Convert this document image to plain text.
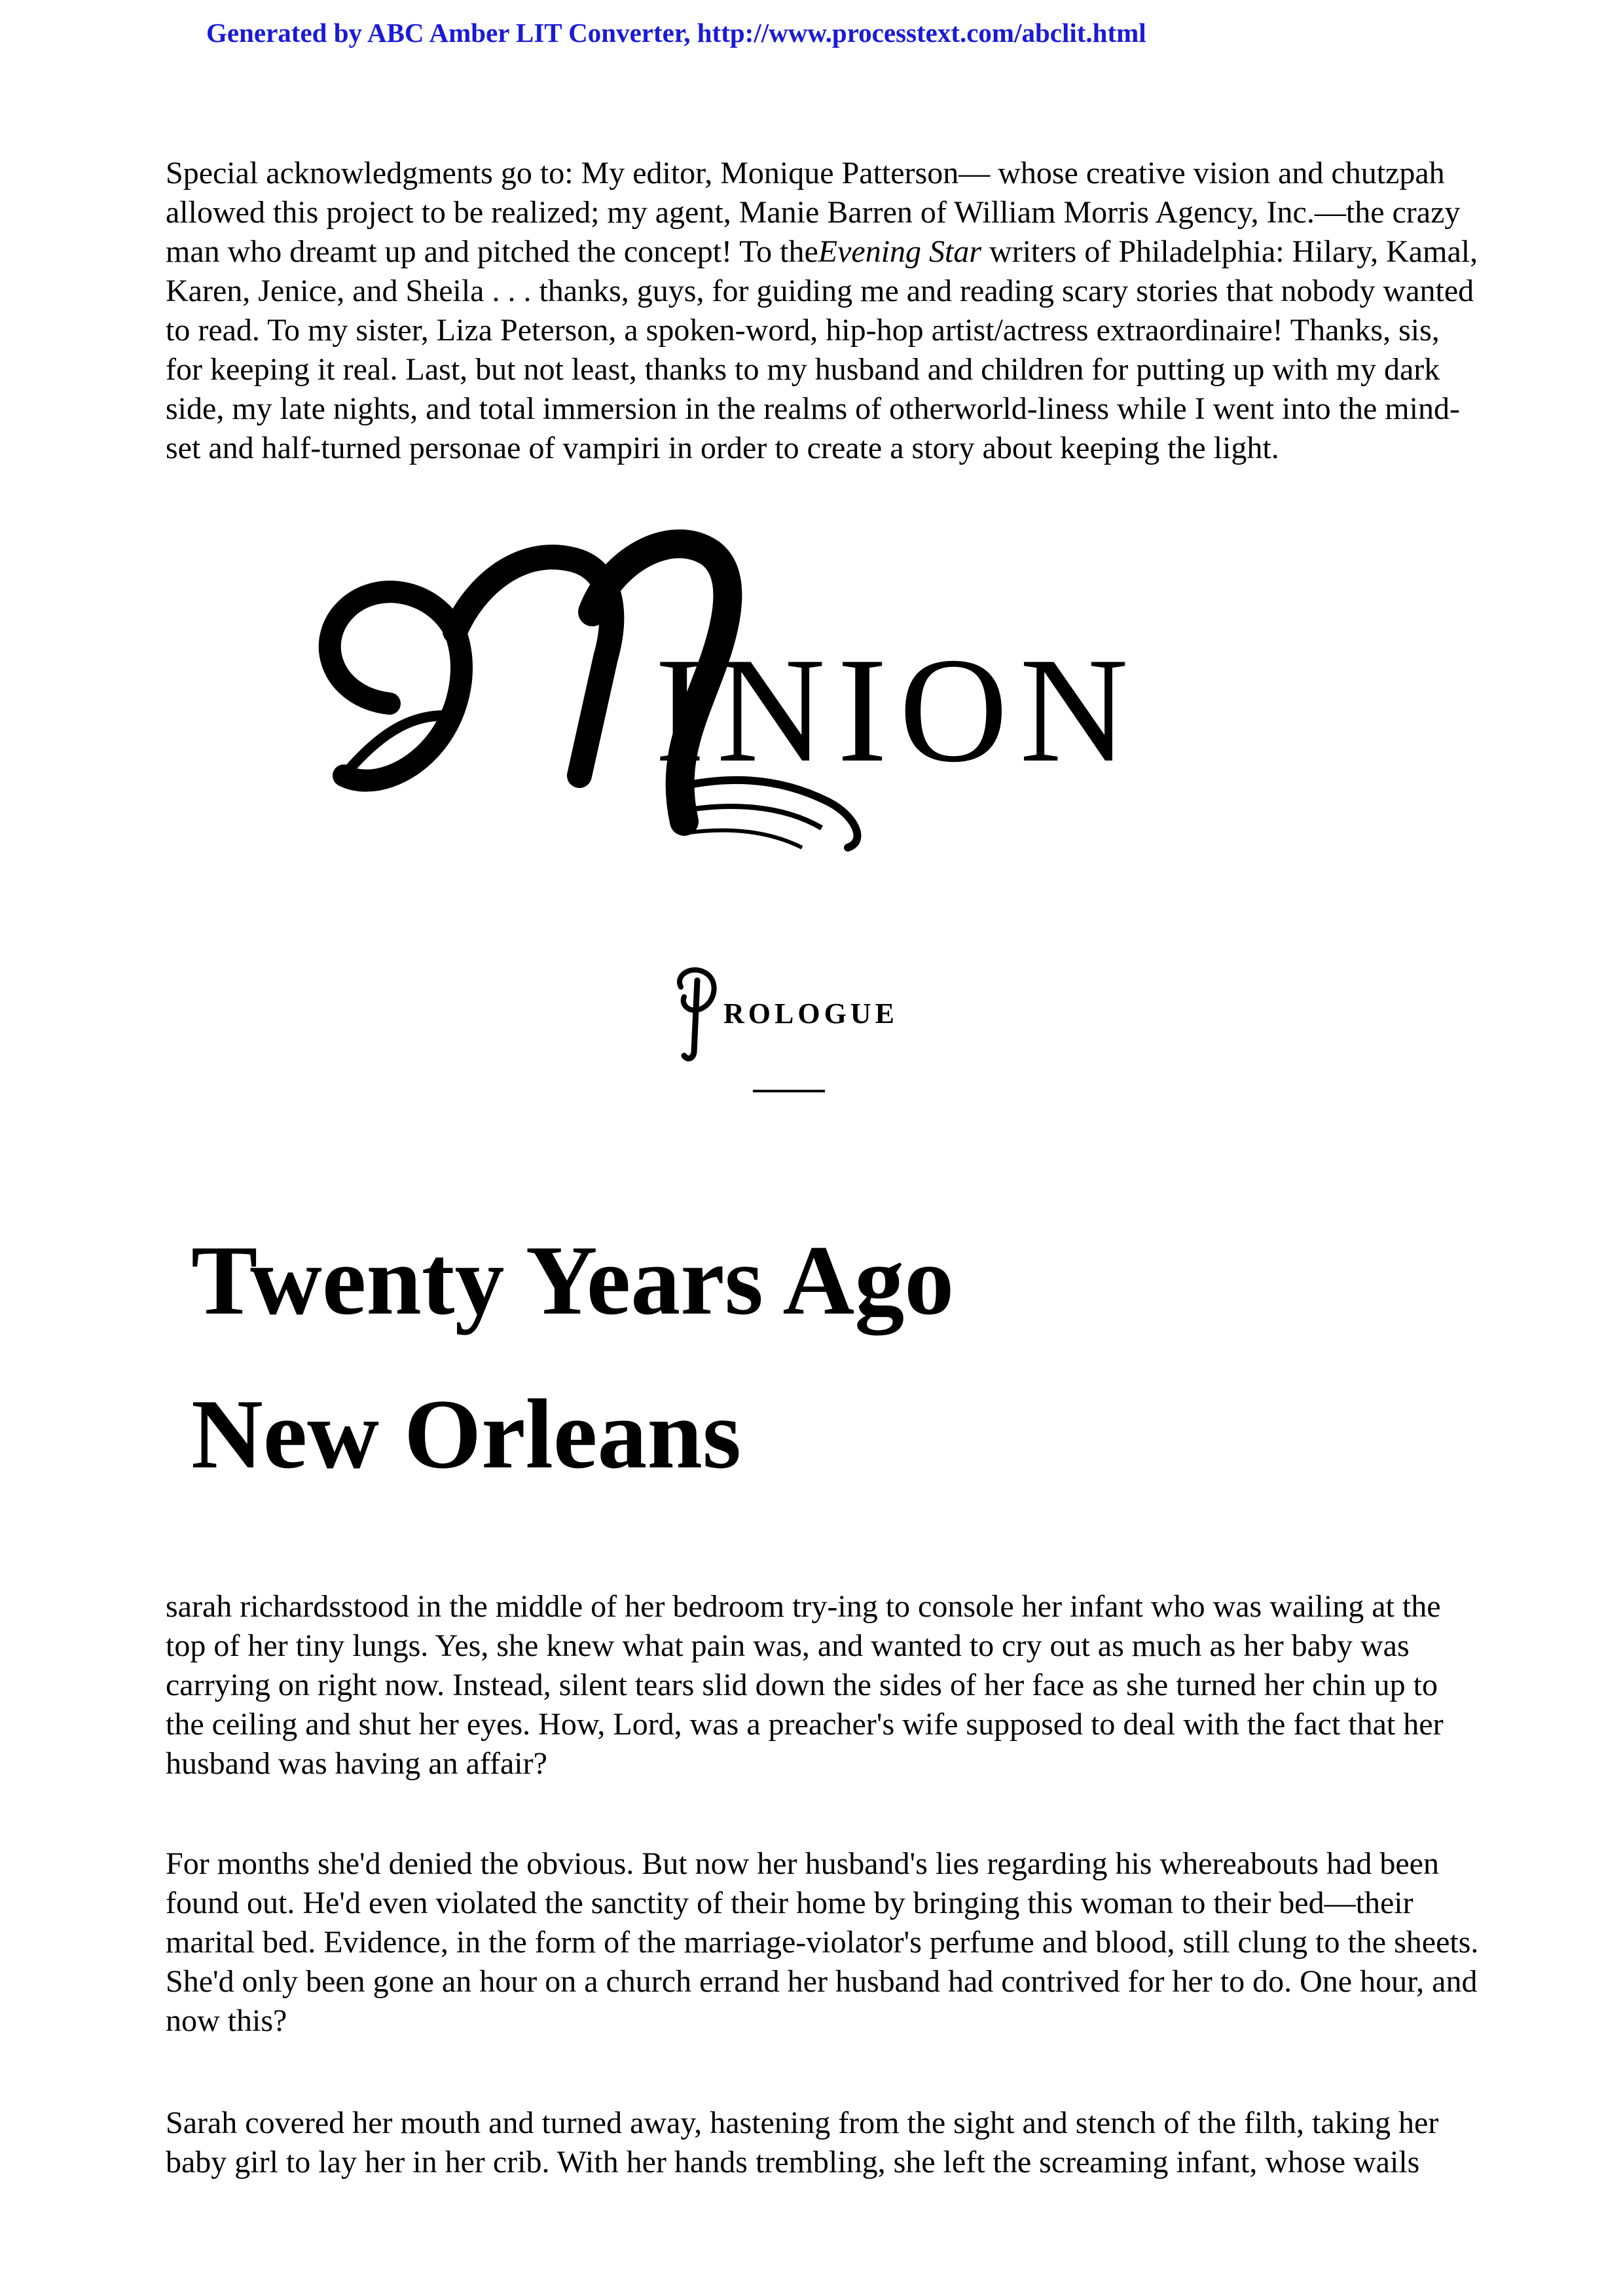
Generated by ABC Amber LIT Converter, http://www.processtext.com/abclit.html

Special acknowledgments go to: My editor, Monique Patterson— whose creative vision and chutzpah allowed this project to be realized; my agent, Manie Barren of William Morris Agency, Inc.—the crazy man who dreamt up and pitched the concept! To theEvening Star writers of Philadelphia: Hilary, Kamal, Karen, Jenice, and Sheila . . . thanks, guys, for guiding me and reading scary stories that nobody wanted to read. To my sister, Liza Peterson, a spoken-word, hip-hop artist/actress extraordinaire! Thanks, sis, for keeping it real. Last, but not least, thanks to my husband and children for putting up with my dark side, my late nights, and total immersion in the realms of otherworld-liness while I went into the mind-set and half-turned personae of vampiri in order to create a story about keeping the light.

M
INION
P
ROLOGUE
Twenty Years Ago
New Orleans

sarah richardsstood in the middle of her bedroom try-ing to console her infant who was wailing at the top of her tiny lungs. Yes, she knew what pain was, and wanted to cry out as much as her baby was carrying on right now. Instead, silent tears slid down the sides of her face as she turned her chin up to the ceiling and shut her eyes. How, Lord, was a preacher's wife supposed to deal with the fact that her husband was having an affair?

For months she'd denied the obvious. But now her husband's lies regarding his whereabouts had been found out. He'd even violated the sanctity of their home by bringing this woman to their bed—their marital bed. Evidence, in the form of the marriage-violator's perfume and blood, still clung to the sheets. She'd only been gone an hour on a church errand her husband had contrived for her to do. One hour, and now this?

Sarah covered her mouth and turned away, hastening from the sight and stench of the filth, taking her baby girl to lay her in her crib. With her hands trembling, she left the screaming infant, whose wails
